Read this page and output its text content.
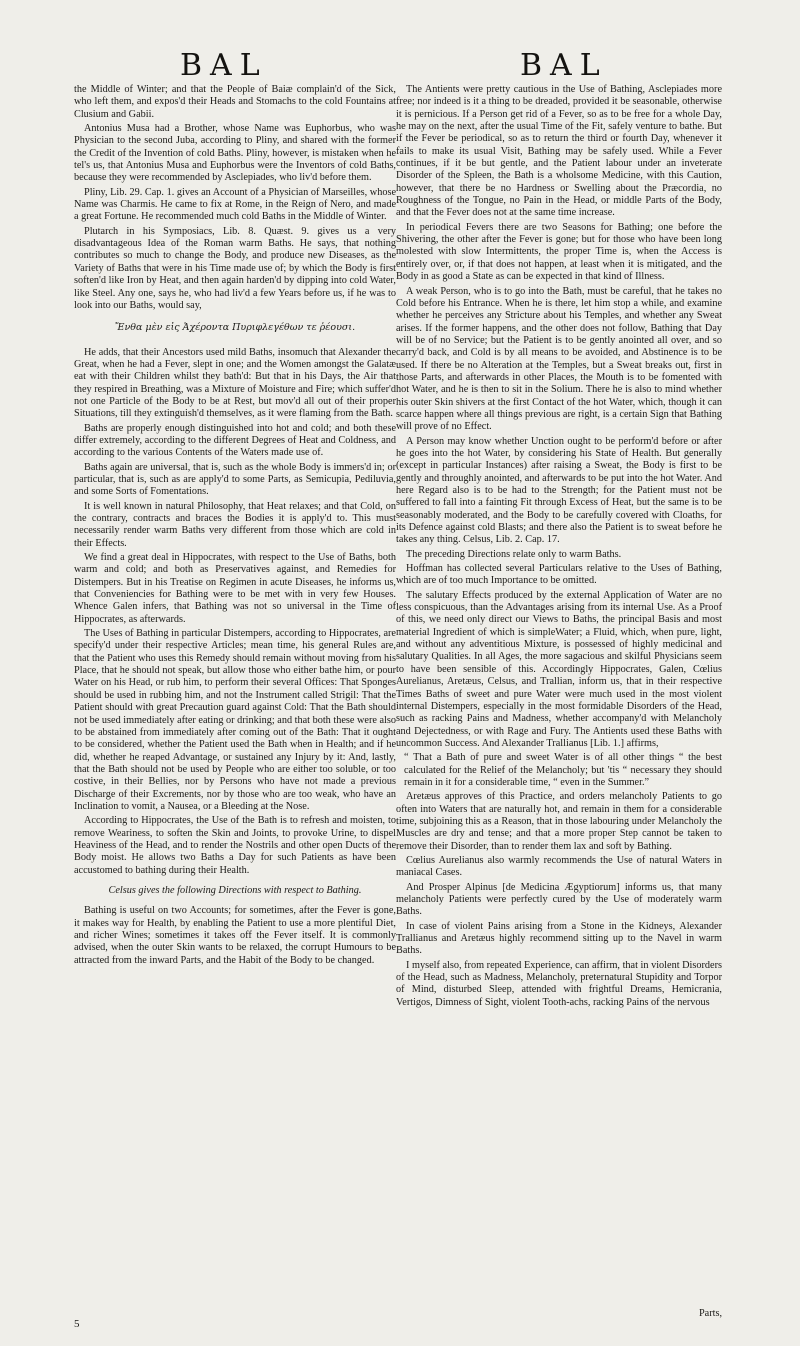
BAL	BAL

the Middle of Winter; and that the People of Baiæ complain'd of the Sick, who left them, and expos'd their Heads and Stomachs to the cold Fountains at Clusium and Gabii.

Antonius Musa had a Brother, whose Name was Euphorbus, who was Physician to the second Juba, according to Pliny, and shared with the former the Credit of the Invention of cold Baths. Pliny, however, is mistaken when he tel's us, that Antonius Musa and Euphorbus were the Inventors of cold Baths, because they were recommended by Asclepiades, who liv'd before them.

Pliny, Lib. 29. Cap. 1. gives an Account of a Physician of Marseilles, whose Name was Charmis. He came to fix at Rome, in the Reign of Nero, and made a great Fortune. He recommended much cold Baths in the Middle of Winter.

Plutarch in his Symposiacs, Lib. 8. Quæst. 9. gives us a very disadvantageous Idea of the Roman warm Baths. He says, that nothing contributes so much to change the Body, and produce new Diseases, as the Variety of Baths that were in his Time made use of; by which the Body is first soften'd like Iron by Heat, and then again harden'd by dipping into cold Water, like Steel. Any one, says he, who had liv'd a few Years before us, if he was to look into our Baths, would say,

Ἔνθα μὲν εἰς Ἀχέροντα Πυριφλεγέθων τε ῥέουσι.

He adds, that their Ancestors used mild Baths, insomuch that Alexander the Great, when he had a Fever, slept in one; and the Women amongst the Galatæ eat with their Children whilst they bath'd: But that in his Days, the Air that they respired in Breathing, was a Mixture of Moisture and Fire; which suffer'd not one Particle of the Body to be at Rest, but mov'd all out of their proper Situations, till they extinguish'd themselves, as it were flaming from the Bath.

Baths are properly enough distinguished into hot and cold; and both these differ extremely, according to the different Degrees of Heat and Coldness, and according to the various Contents of the Waters made use of.

Baths again are universal, that is, such as the whole Body is immers'd in; or particular, that is, such as are apply'd to some Parts, as Semicupia, Pediluvia, and some Sorts of Fomentations.

It is well known in natural Philosophy, that Heat relaxes; and that Cold, on the contrary, contracts and braces the Bodies it is apply'd to. This must necessarily render warm Baths very different from those which are cold in their Effects.

We find a great deal in Hippocrates, with respect to the Use of Baths, both warm and cold; and both as Preservatives against, and Remedies for Distempers. But in his Treatise on Regimen in acute Diseases, he informs us, that Conveniencies for Bathing were to be met with in very few Houses. Whence Galen infers, that Bathing was not so universal in the Time of Hippocrates, as afterwards.

The Uses of Bathing in particular Distempers, according to Hippocrates, are specify'd under their respective Articles; mean time, his general Rules are, that the Patient who uses this Remedy should remain without moving from his Place, that he should not speak, but allow those who either bathe him, or pour Water on his Head, or rub him, to perform their several Offices: That Sponges should be used in rubbing him, and not the Instrument called Strigil: That the Patient should with great Precaution guard against Cold: That the Bath should not be used immediately after eating or drinking; and that both these were also to be abstained from immediately after coming out of the Bath: That it ought to be considered, whether the Patient used the Bath when in Health; and if he did, whether he reaped Advantage, or sustained any Injury by it: And, lastly, that the Bath should not be used by People who are either too soluble, or too costive, in their Bellies, nor by Persons who have not made a previous Discharge of their Excrements, nor by those who are too weak, who have an Inclination to vomit, a Nausea, or a Bleeding at the Nose.

According to Hippocrates, the Use of the Bath is to refresh and moisten, to remove Weariness, to soften the Skin and Joints, to provoke Urine, to dispel Heaviness of the Head, and to render the Nostrils and other open Ducts of the Body moist. He allows two Baths a Day for such Patients as have been accustomed to bathing during their Health.

Celsus gives the following Directions with respect to Bathing.

Bathing is useful on two Accounts; for sometimes, after the Fever is gone, it makes way for Health, by enabling the Patient to use a more plentiful Diet, and richer Wines; sometimes it takes off the Fever itself. It is commonly advised, when the outer Skin wants to be relaxed, the corrupt Humours to be attracted from the inward Parts, and the Habit of the Body to be changed.

The Antients were pretty cautious in the Use of Bathing, Asclepiades more free; nor indeed is it a thing to be dreaded, provided it be seasonable, otherwise it is pernicious. If a Person get rid of a Fever, so as to be free for a whole Day, he may on the next, after the usual Time of the Fit, safely venture to bathe. But if the Fever be periodical, so as to return the third or fourth Day, whenever it fails to make its usual Visit, Bathing may be safely used. While a Fever continues, if it be but gentle, and the Patient labour under an inveterate Disorder of the Spleen, the Bath is a wholsome Medicine, with this Caution, however, that there be no Hardness or Swelling about the Præcordia, no Roughness of the Tongue, no Pain in the Head, or middle Parts of the Body, and that the Fever does not at the same time increase.

In periodical Fevers there are two Seasons for Bathing; one before the Shivering, the other after the Fever is gone; but for those who have been long molested with slow Intermittents, the proper Time is, when the Access is entirely over, or, if that does not happen, at least when it is mitigated, and the Body in as good a State as can be expected in that kind of Illness.

A weak Person, who is to go into the Bath, must be careful, that he takes no Cold before his Entrance. When he is there, let him stop a while, and examine whether he perceives any Stricture about his Temples, and whether any Sweat arises. If the former happens, and the other does not follow, Bathing that Day will be of no Service; but the Patient is to be gently anointed all over, and so carry'd back, and Cold is by all means to be avoided, and Abstinence is to be used. If there be no Alteration at the Temples, but a Sweat breaks out, first in those Parts, and afterwards in other Places, the Mouth is to be fomented with hot Water, and he is then to sit in the Solium. There he is also to mind whether his outer Skin shivers at the first Contact of the hot Water, which, though it can scarce happen where all things previous are right, is a certain Sign that Bathing will prove of no Effect.

A Person may know whether Unction ought to be perform'd before or after he goes into the hot Water, by considering his State of Health. But generally (except in particular Instances) after raising a Sweat, the Body is first to be gently and throughly anointed, and afterwards to be put into the hot Water. And here Regard also is to be had to the Strength; for the Patient must not be suffered to fall into a fainting Fit through Excess of Heat, but the same is to be seasonably moderated, and the Body to be carefully covered with Cloaths, for its Defence against cold Blasts; and there also the Patient is to sweat before he takes any thing. Celsus, Lib. 2. Cap. 17.

The preceding Directions relate only to warm Baths.

Hoffman has collected several Particulars relative to the Uses of Bathing, which are of too much Importance to be omitted.

The salutary Effects produced by the external Application of Water are no less conspicuous, than the Advantages arising from its internal Use. As a Proof of this, we need only direct our Views to Baths, the principal Basis and most material Ingredient of which is simpleWater; a Fluid, which, when pure, light, and without any adventitious Mixture, is possessed of highly medicinal and salutary Qualities. In all Ages, the more sagacious and skilful Physicians seem to have been sensible of this. Accordingly Hippocrates, Galen, Cœlius Aurelianus, Aretæus, Celsus, and Trallian, inform us, that in their respective Times Baths of sweet and pure Water were much used in the most violent internal Distempers, especially in the most formidable Disorders of the Head, such as racking Pains and Madness, whether accompany'd with Melancholy and Dejectedness, or with Rage and Fury. The Antients used these Baths with uncommon Success. And Alexander Trallianus [Lib. 1.] affirms,

“ That a Bath of pure and sweet Water is of all other things “ the best calculated for the Relief of the Melancholy; but 'tis “ necessary they should remain in it for a considerable time, “ even in the Summer.”

Aretæus approves of this Practice, and orders melancholy Patients to go often into Waters that are naturally hot, and remain in them for a considerable time, subjoining this as a Reason, that in those labouring under Melancholy the Muscles are dry and tense; and that a more proper Step cannot be taken to remove their Disorder, than to render them lax and soft by Bathing.

Cœlius Aurelianus also warmly recommends the Use of natural Waters in maniacal Cases.

And Prosper Alpinus [de Medicina Ægyptiorum] informs us, that many melancholy Patients were perfectly cured by the Use of moderately warm Baths.

In case of violent Pains arising from a Stone in the Kidneys, Alexander Trallianus and Aretæus highly recommend sitting up to the Navel in warm Baths.

I myself also, from repeated Experience, can affirm, that in violent Disorders of the Head, such as Madness, Melancholy, preternatural Stupidity and Torpor of Mind, disturbed Sleep, attended with frightful Dreams, Hemicrania, Vertigos, Dimness of Sight, violent Tooth-achs, racking Pains of the nervous

Parts,
5
